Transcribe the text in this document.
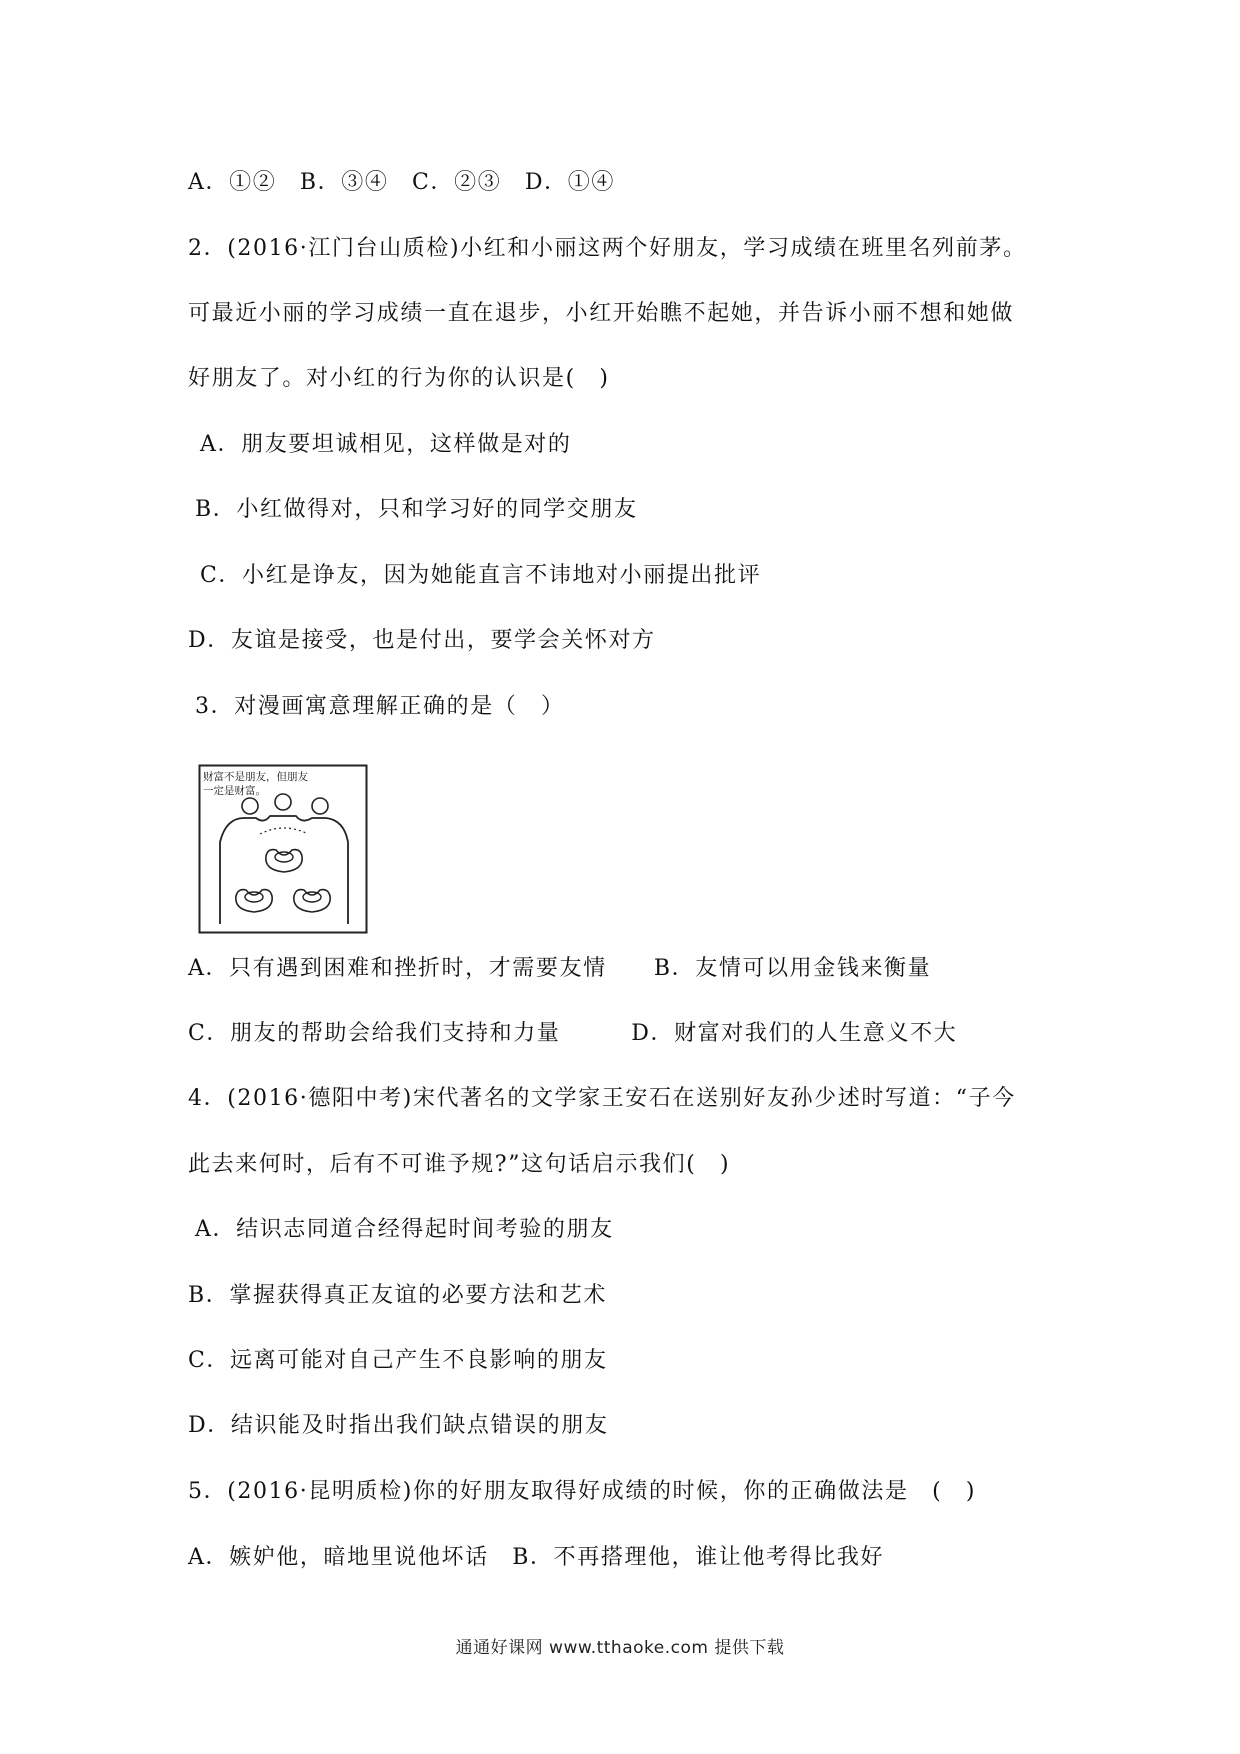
A．①②　B．③④　C．②③　D．①④
2．(2016·江门台山质检)小红和小丽这两个好朋友，学习成绩在班里名列前茅。
可最近小丽的学习成绩一直在退步，小红开始瞧不起她，并告诉小丽不想和她做
好朋友了。对小红的行为你的认识是(　)
A．朋友要坦诚相见，这样做是对的
B．小红做得对，只和学习好的同学交朋友
C．小红是诤友，因为她能直言不讳地对小丽提出批评
D．友谊是接受，也是付出，要学会关怀对方
3．对漫画寓意理解正确的是（　）
财富不是朋友，但朋友
一定是财富。
A．只有遇到困难和挫折时，才需要友情　　B．友情可以用金钱来衡量
C．朋友的帮助会给我们支持和力量　　　D．财富对我们的人生意义不大
4．(2016·德阳中考)宋代著名的文学家王安石在送别好友孙少述时写道：“子今
此去来何时，后有不可谁予规?”这句话启示我们(　)
A．结识志同道合经得起时间考验的朋友
B．掌握获得真正友谊的必要方法和艺术
C．远离可能对自己产生不良影响的朋友
D．结识能及时指出我们缺点错误的朋友
5．(2016·昆明质检)你的好朋友取得好成绩的时候，你的正确做法是　(　)
A．嫉妒他，暗地里说他坏话　B．不再搭理他，谁让他考得比我好
通通好课网 www.tthaoke.com 提供下载
